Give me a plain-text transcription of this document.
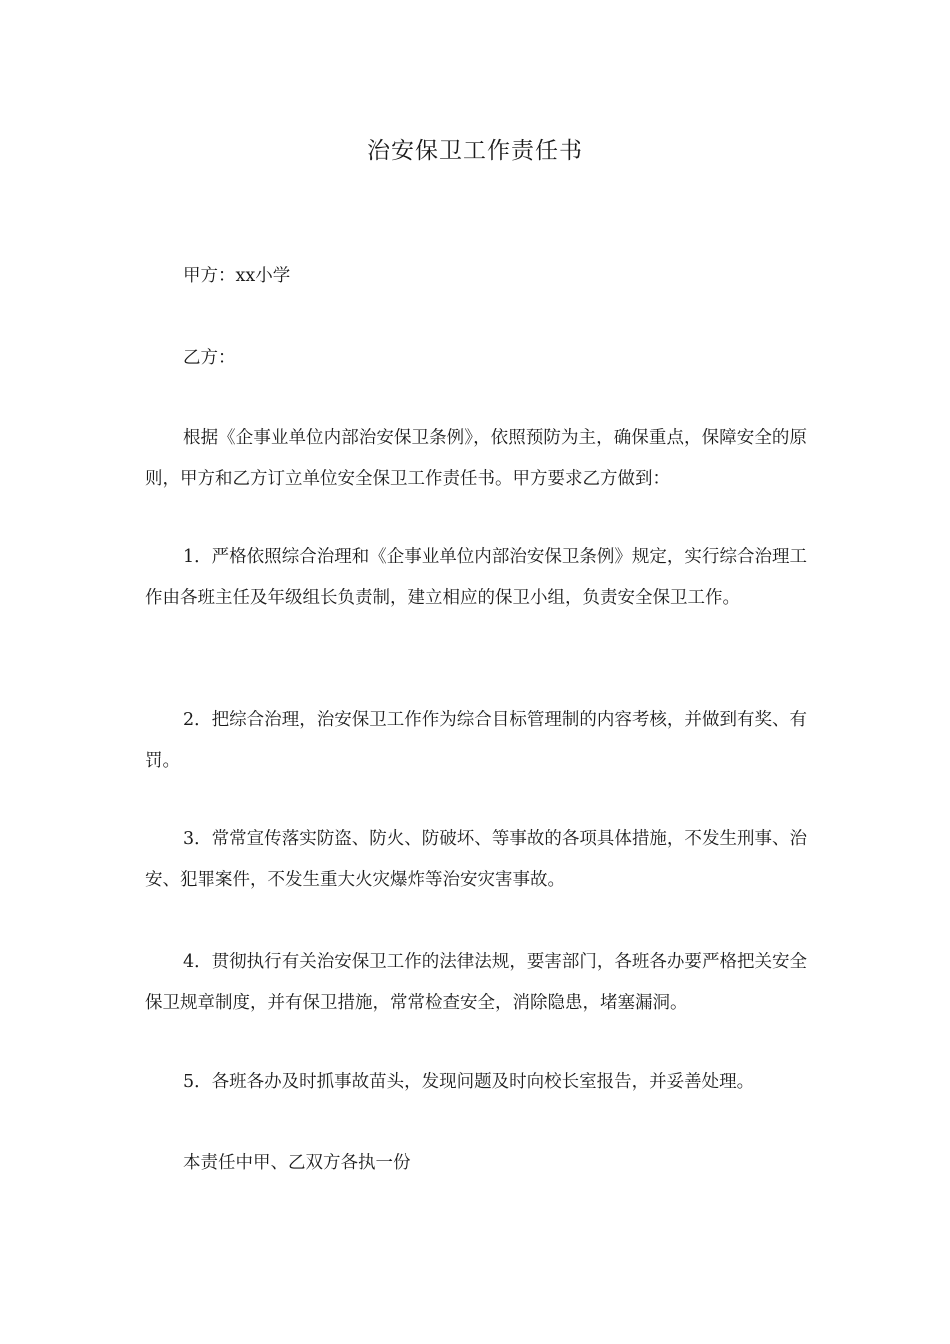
治安保卫工作责任书

甲方：xx小学

乙方：

根据《企事业单位内部治安保卫条例》，依照预防为主，确保重点，保障安全的原则，甲方和乙方订立单位安全保卫工作责任书。甲方要求乙方做到：

1．严格依照综合治理和《企事业单位内部治安保卫条例》规定，实行综合治理工作由各班主任及年级组长负责制，建立相应的保卫小组，负责安全保卫工作。

2．把综合治理，治安保卫工作作为综合目标管理制的内容考核，并做到有奖、有罚。

3．常常宣传落实防盗、防火、防破坏、等事故的各项具体措施，不发生刑事、治安、犯罪案件，不发生重大火灾爆炸等治安灾害事故。

4．贯彻执行有关治安保卫工作的法律法规，要害部门，各班各办要严格把关安全保卫规章制度，并有保卫措施，常常检查安全，消除隐患，堵塞漏洞。

5．各班各办及时抓事故苗头，发现问题及时向校长室报告，并妥善处理。

本责任中甲、乙双方各执一份
